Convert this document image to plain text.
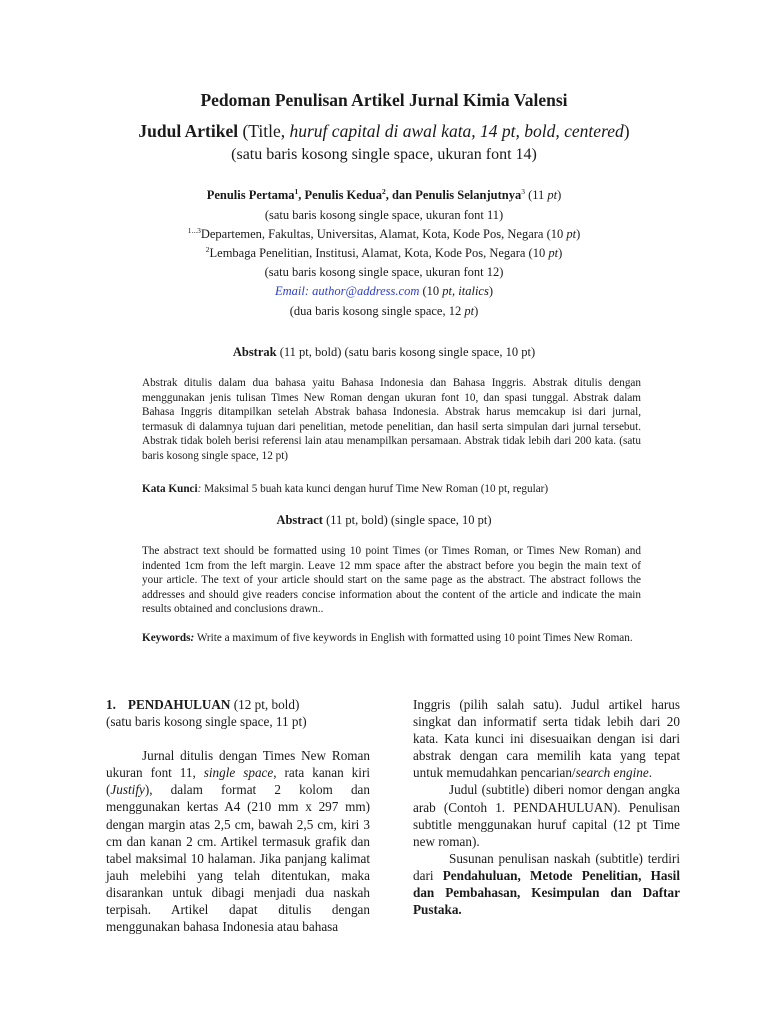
Pedoman Penulisan Artikel Jurnal Kimia Valensi
Judul Artikel (Title, huruf capital di awal kata, 14 pt, bold, centered)
(satu baris kosong single space, ukuran font 14)
Penulis Pertama$^1$, Penulis Kedua$^2$, dan Penulis Selanjutnya$^3$ (11 pt)
(satu baris kosong single space, ukuran font 11)
$^{1...3}$Departemen, Fakultas, Universitas, Alamat, Kota, Kode Pos, Negara (10 pt)
$^2$Lembaga Penelitian, Institusi, Alamat, Kota, Kode Pos, Negara (10 pt)
(satu baris kosong single space, ukuran font 12)
Email: author@address.com (10 pt, italics)
(dua baris kosong single space, 12 pt)
Abstrak (11 pt, bold) (satu baris kosong single space, 10 pt)
Abstrak ditulis dalam dua bahasa yaitu Bahasa Indonesia dan Bahasa Inggris. Abstrak ditulis dengan menggunakan jenis tulisan Times New Roman dengan ukuran font 10, dan spasi tunggal. Abstrak dalam Bahasa Inggris ditampilkan setelah Abstrak bahasa Indonesia. Abstrak harus memcakup isi dari jurnal, termasuk di dalamnya tujuan dari penelitian, metode penelitian, dan hasil serta simpulan dari jurnal tersebut. Abstrak tidak boleh berisi referensi lain atau menampilkan persamaan. Abstrak tidak lebih dari 200 kata. (satu baris kosong single space, 12 pt)
Kata Kunci: Maksimal 5 buah kata kunci dengan huruf Time New Roman (10 pt, regular)
Abstract (11 pt, bold) (single space, 10 pt)
The abstract text should be formatted using 10 point Times (or Times Roman, or Times New Roman) and indented 1cm from the left margin. Leave 12 mm space after the abstract before you begin the main text of your article. The text of your article should start on the same page as the abstract. The abstract follows the addresses and should give readers concise information about the content of the article and indicate the main results obtained and conclusions drawn..
Keywords: Write a maximum of five keywords in English with formatted using 10 point Times New Roman.

1. PENDAHULUAN (12 pt, bold)

(satu baris kosong single space, 11 pt)

Jurnal ditulis dengan Times New Roman ukuran font 11, single space, rata kanan kiri (Justify), dalam format 2 kolom dan menggunakan kertas A4 (210 mm x 297 mm) dengan margin atas 2,5 cm, bawah 2,5 cm, kiri 3 cm dan kanan 2 cm. Artikel termasuk grafik dan tabel maksimal 10 halaman. Jika panjang kalimat jauh melebihi yang telah ditentukan, maka disarankan untuk dibagi menjadi dua naskah terpisah. Artikel dapat ditulis dengan menggunakan bahasa Indonesia atau bahasa

Inggris (pilih salah satu). Judul artikel harus singkat dan informatif serta tidak lebih dari 20 kata. Kata kunci ini disesuaikan dengan isi dari abstrak dengan cara memilih kata yang tepat untuk memudahkan pencarian/search engine.

Judul (subtitle) diberi nomor dengan angka arab (Contoh 1. PENDAHULUAN). Penulisan subtitle menggunakan huruf capital (12 pt Time new roman).

Susunan penulisan naskah (subtitle) terdiri dari Pendahuluan, Metode Penelitian, Hasil dan Pembahasan, Kesimpulan dan Daftar Pustaka.
